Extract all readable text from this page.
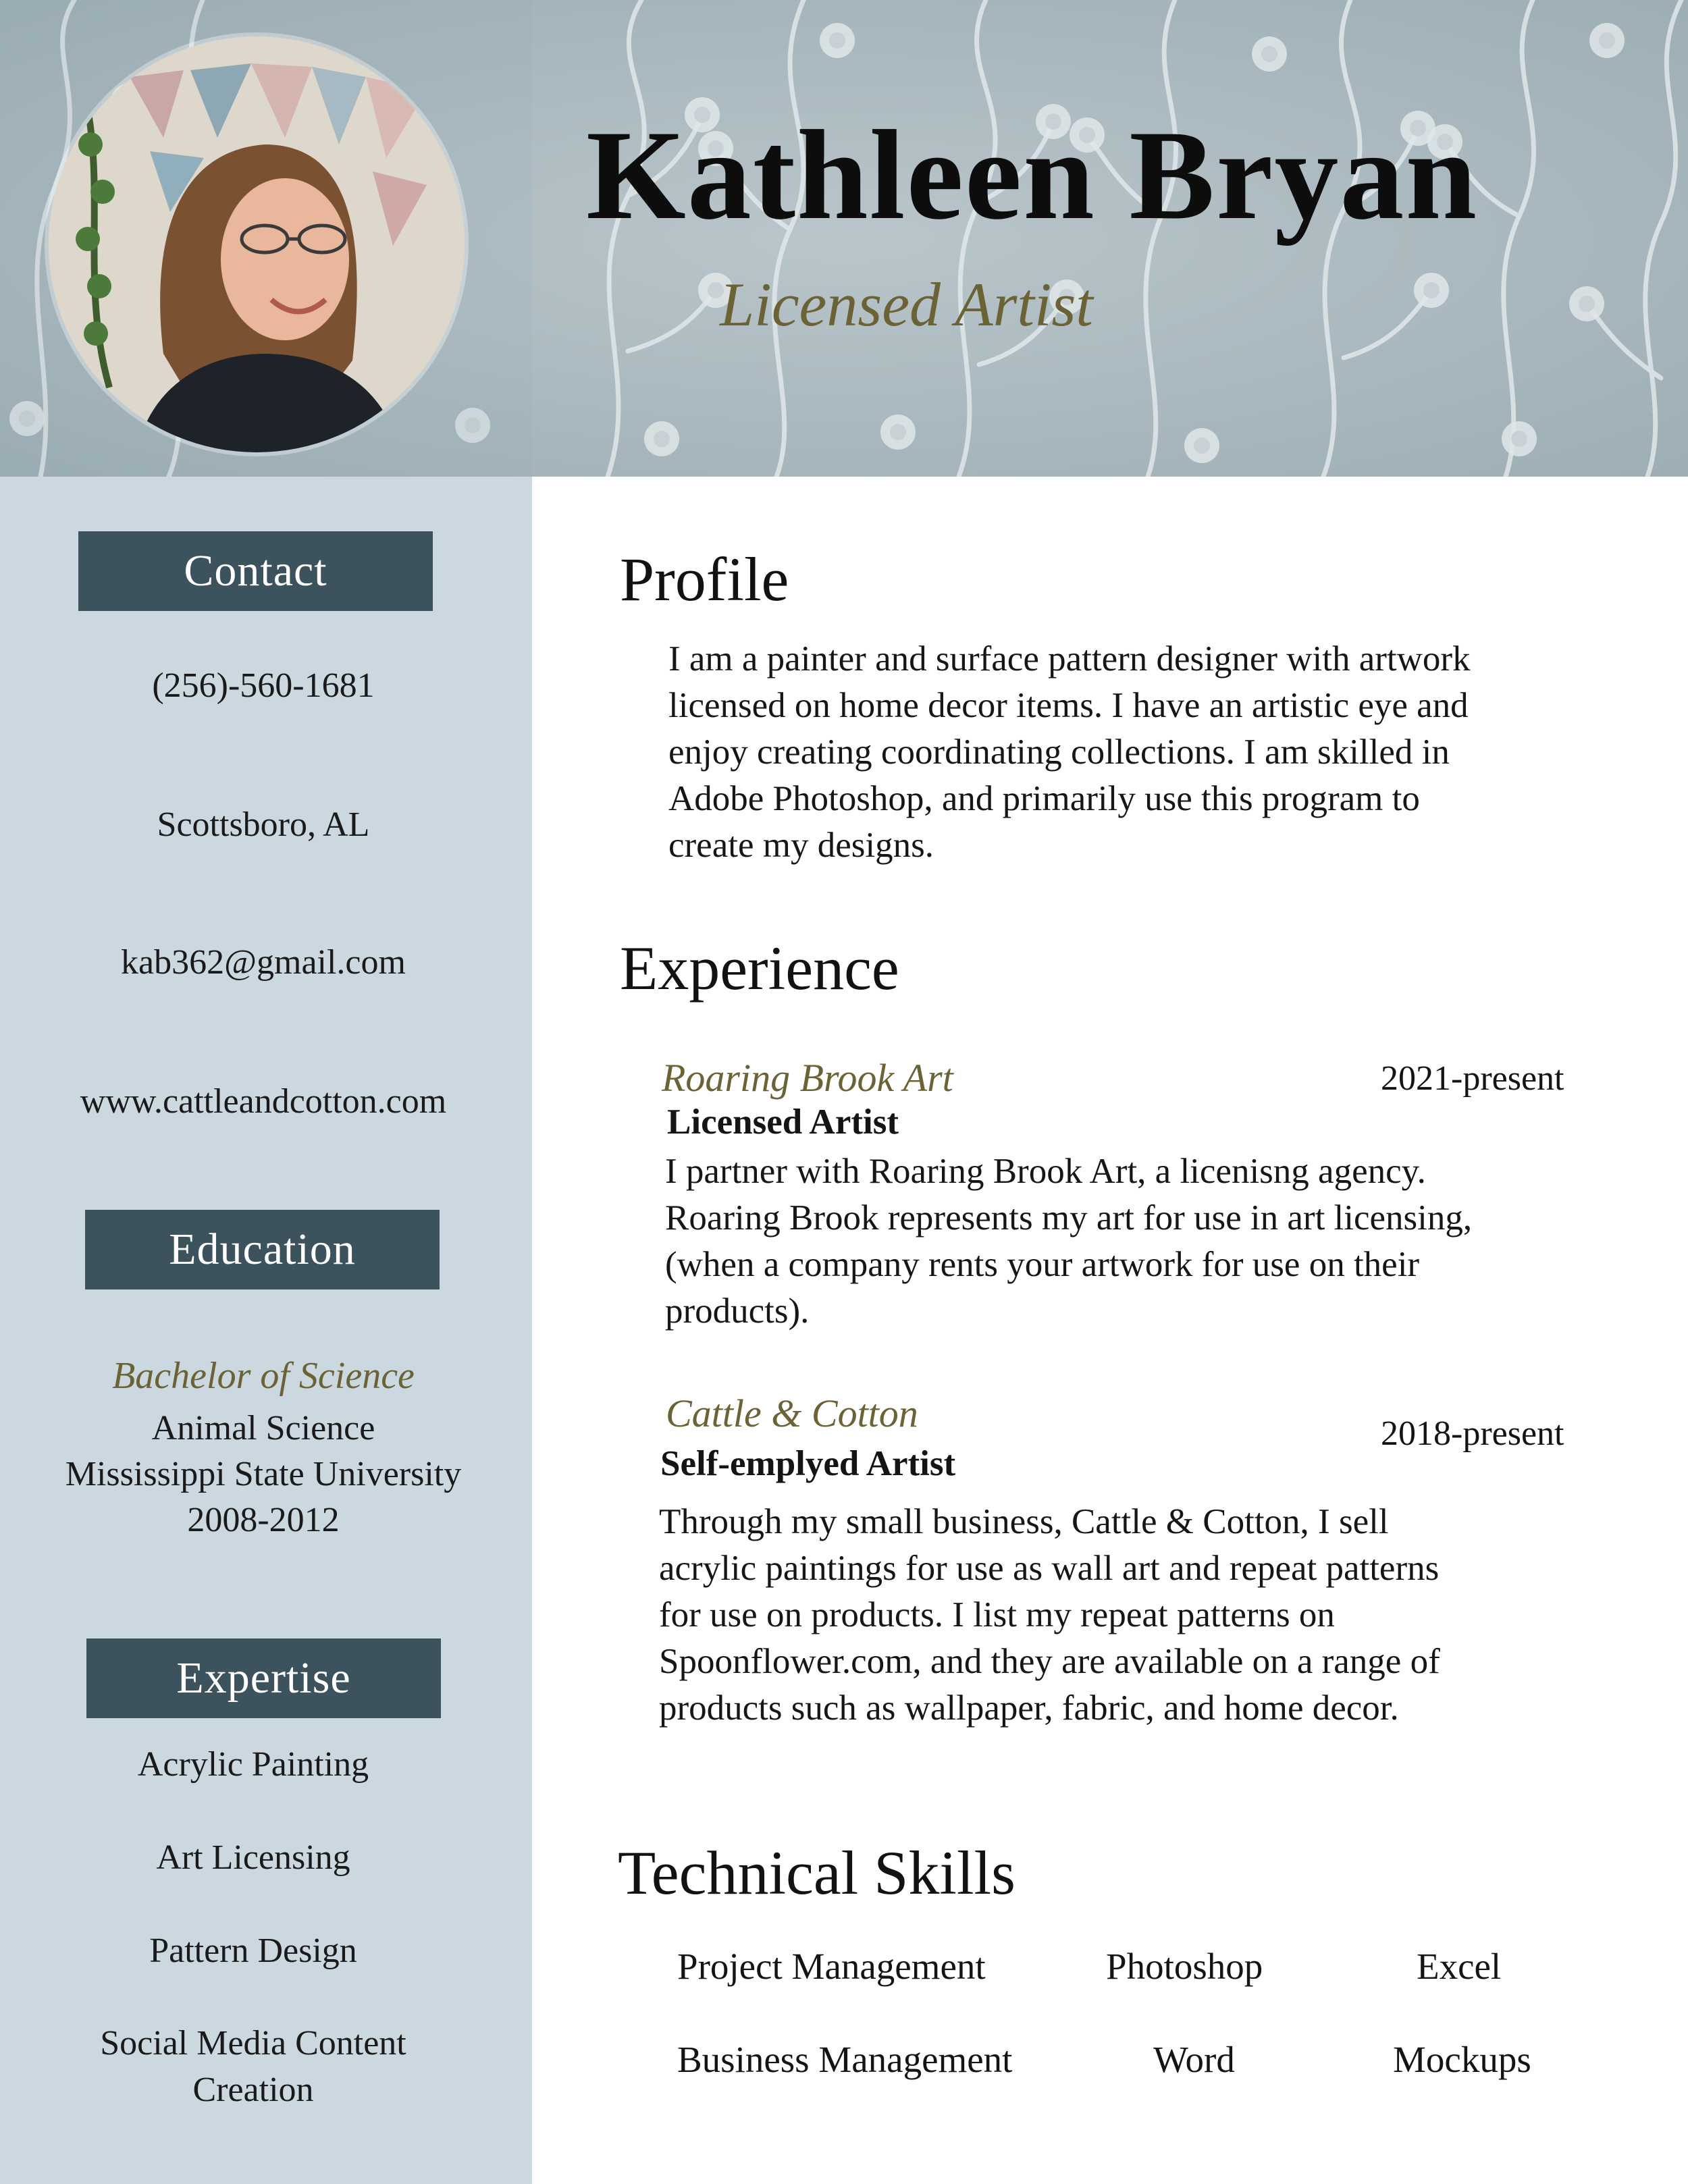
Kathleen Bryan
Licensed Artist
Contact
(256)-560-1681
Scottsboro, AL
kab362@gmail.com
www.cattleandcotton.com
Education
Bachelor of Science
Animal Science
Mississippi State University
2008-2012
Expertise
Acrylic Painting
Art Licensing
Pattern Design
Social Media Content
Creation
Profile
I am a painter and surface pattern designer with artwork
licensed on home decor items. I have an artistic eye and
enjoy creating coordinating collections. I am skilled in
Adobe Photoshop, and primarily use this program to
create my designs.
Experience
Roaring Brook Art	2021-present
Licensed Artist
I partner with Roaring Brook Art, a licenisng agency.
Roaring Brook represents my art for use in art licensing,
(when a company rents your artwork for use on their
products).
Cattle & Cotton	2018-present
Self-emplyed Artist
Through my small business, Cattle & Cotton, I sell
acrylic paintings for use as wall art and repeat patterns
for use on products. I list my repeat patterns on
Spoonflower.com, and they are available on a range of
products such as wallpaper, fabric, and home decor.
Technical Skills
Project Management	Photoshop	Excel
Business Management	Word	Mockups
